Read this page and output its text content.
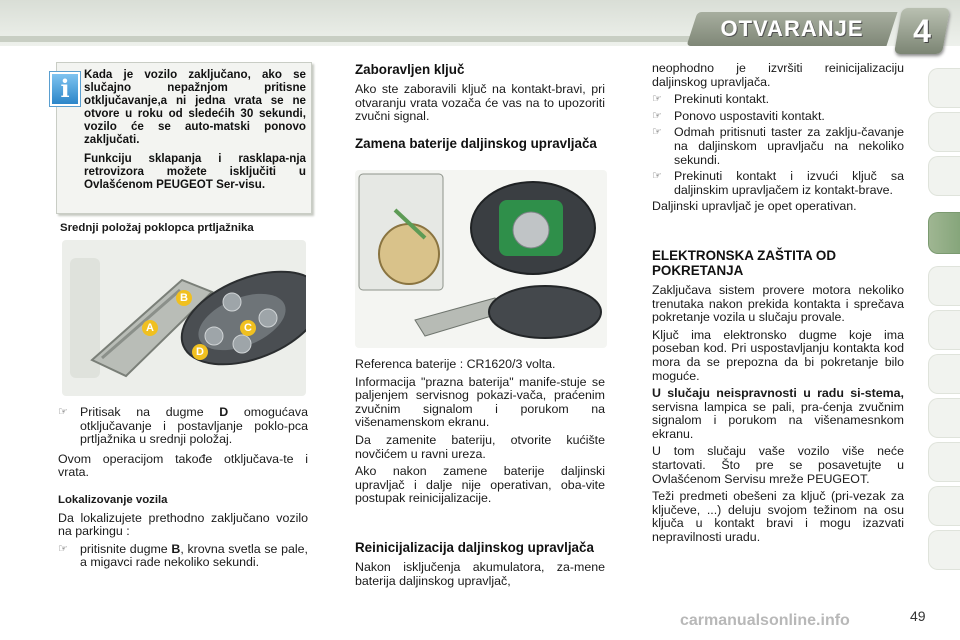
OTVARANJE	4
i	Kada je vozilo zaključano, ako se slučajno nepažnjom pritisne otključavanje,a ni jedna vrata se ne otvore u roku od sledećih 30 sekundi, vozilo će se auto-matski ponovo zaključati.

Funkciju sklapanja i rasklapa-nja retrovizora možete isključiti u Ovlašćenom PEUGEOT Ser-visu.

Srednji položaj poklopca prtljažnika
A
B
C
D
☞ Pritisak na dugme D omogućava otključavanje i postavljanje poklo-pca prtljažnika u srednji položaj.

Ovom operacijom takođe otključava-te i vrata.

Lokalizovanje vozila

Da lokalizujete prethodno zaključano vozilo na parkingu :

☞ pritisnite dugme B, krovna svetla se pale, a migavci rade nekoliko sekundi.
Zaboravljen ključ

Ako ste zaboravili ključ na kontakt-bravi, pri otvaranju vrata vozača će vas na to upozoriti zvučni signal.

Zamena baterije daljinskog upravljača

Referenca baterije : CR1620/3 volta.

Informacija "prazna baterija" manife-stuje se paljenjem servisnog pokazi-vača, praćenim zvučnim signalom i porukom na višenamenskom ekranu.

Da zamenite bateriju, otvorite kućište novčićem u ravni ureza.

Ako nakon zamene baterije daljinski upravljač i dalje nije operativan, oba-vite postupak reinicijalizacije.

Reinicijalizacija daljinskog upravljača

Nakon isključenja akumulatora, za-mene baterija daljinskog upravljač,

neophodno je izvršiti reinicijalizaciju daljinskog upravljača.

☞ Prekinuti kontakt.
☞ Ponovo uspostaviti kontakt.
☞ Odmah pritisnuti taster za zaklju-čavanje na daljinskom upravljaču na nekoliko sekundi.
☞ Prekinuti kontakt i izvući ključ sa daljinskim upravljačem iz kontakt-brave.

Daljinski upravljač je opet operativan.

ELEKTRONSKA ZAŠTITA OD POKRETANJA

Zaključava sistem provere motora nekoliko trenutaka nakon prekida kontakta i sprečava pokretanje vozila u slučaju provale.

Ključ ima elektronsko dugme koje ima poseban kod. Pri uspostavljanju kontakta kod mora da se prepozna da bi pokretanje bilo moguće.

U slučaju neispravnosti u radu si-stema, servisna lampica se pali, pra-ćenja zvučnim signalom i porukom na višenamesnkom ekranu.

U tom slučaju vaše vozilo više neće startovati. Što pre se posavetujte u Ovlašćenom Servisu mreže PEUGEOT.

Teži predmeti obešeni za ključ (pri-vezak za ključeve, ...) deluju svojom težinom na osu ključa u kontakt bravi i mogu izazvati nepravilnosti uradu.

carmanualsonline.info	49
